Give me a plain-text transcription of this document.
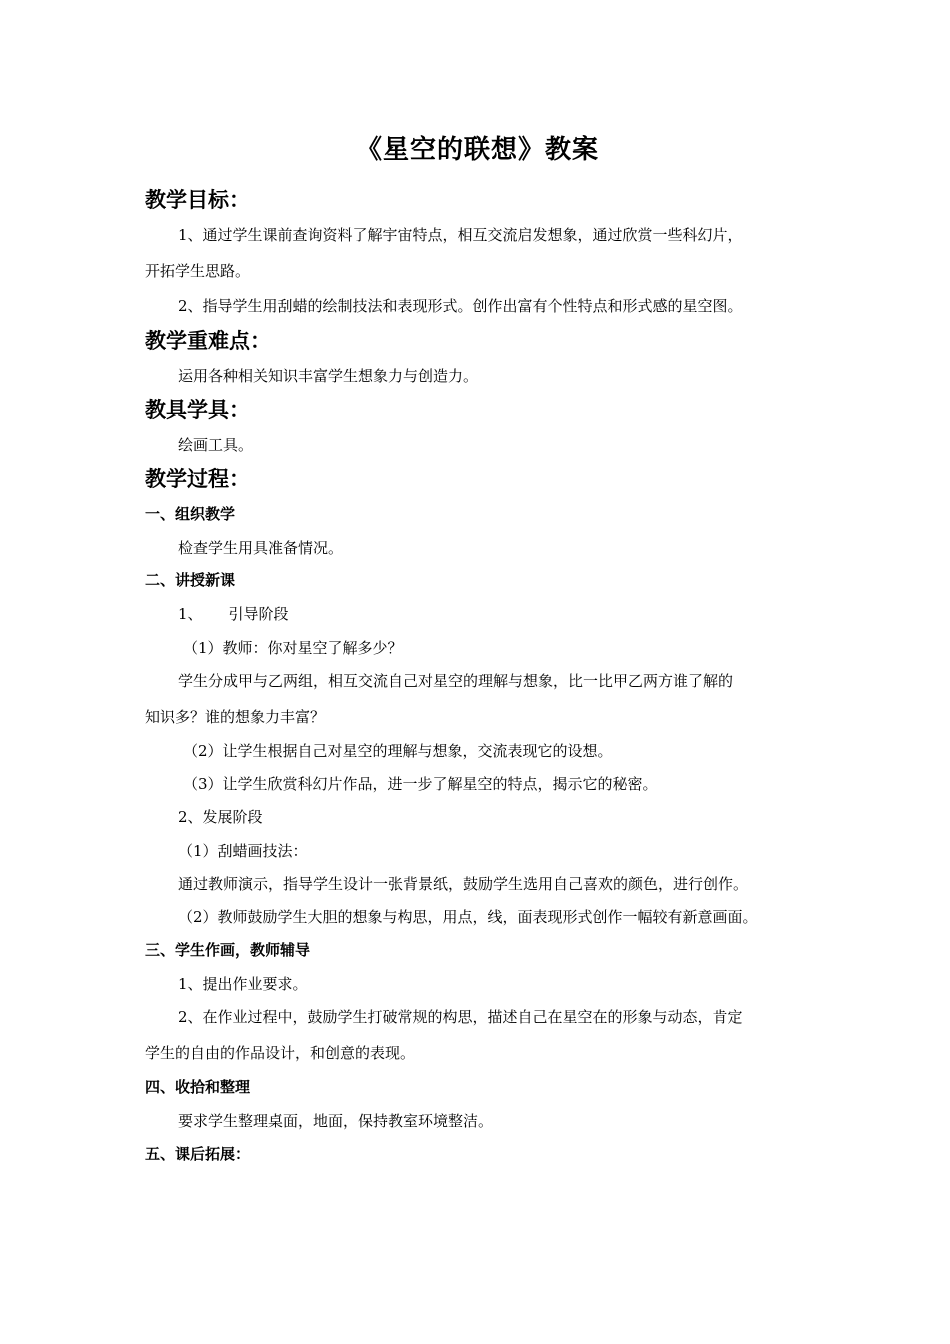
《星空的联想》教案
教学目标：
1、通过学生课前查询资料了解宇宙特点，相互交流启发想象，通过欣赏一些科幻片，
开拓学生思路。
2、指导学生用刮蜡的绘制技法和表现形式。创作出富有个性特点和形式感的星空图。
教学重难点：
运用各种相关知识丰富学生想象力与创造力。
教具学具：
绘画工具。
教学过程：
一、组织教学
检查学生用具准备情况。
二、讲授新课
1、 引导阶段
（1）教师：你对星空了解多少？
学生分成甲与乙两组，相互交流自己对星空的理解与想象，比一比甲乙两方谁了解的
知识多？谁的想象力丰富？
（2）让学生根据自己对星空的理解与想象，交流表现它的设想。
（3）让学生欣赏科幻片作品，进一步了解星空的特点，揭示它的秘密。
2、发展阶段
（1）刮蜡画技法：
通过教师演示，指导学生设计一张背景纸，鼓励学生选用自己喜欢的颜色，进行创作。
（2）教师鼓励学生大胆的想象与构思，用点，线，面表现形式创作一幅较有新意画面。
三、学生作画，教师辅导
1、提出作业要求。
2、在作业过程中，鼓励学生打破常规的构思，描述自己在星空在的形象与动态，肯定
学生的自由的作品设计，和创意的表现。
四、收拾和整理
要求学生整理桌面，地面，保持教室环境整洁。
五、课后拓展：
